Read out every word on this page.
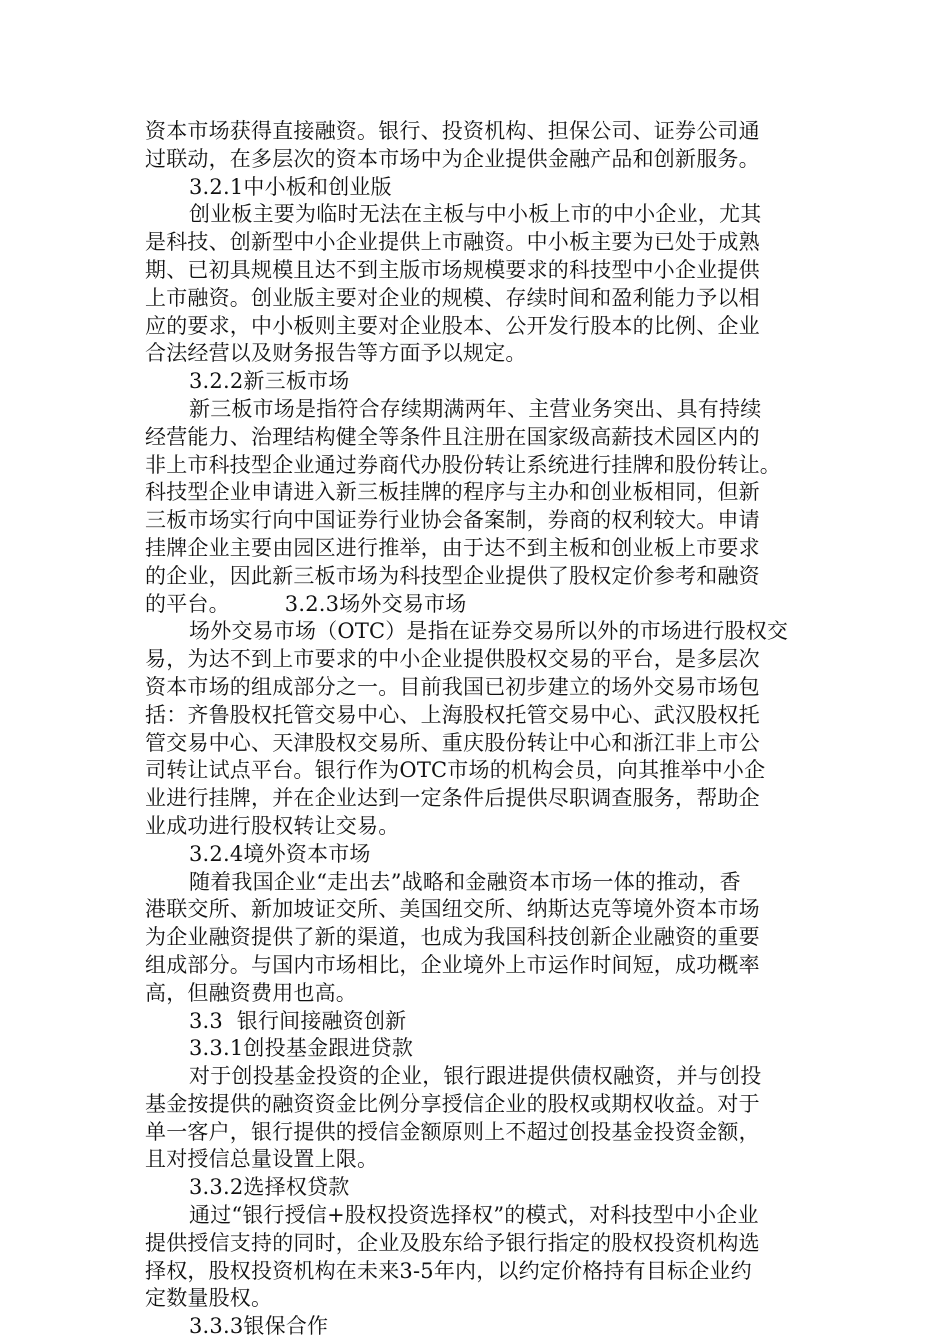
资本市场获得直接融资。银行、投资机构、担保公司、证券公司通
过联动，在多层次的资本市场中为企业提供金融产品和创新服务。
3.2.1中小板和创业版
创业板主要为临时无法在主板与中小板上市的中小企业，尤其
是科技、创新型中小企业提供上市融资。中小板主要为已处于成熟
期、已初具规模且达不到主版市场规模要求的科技型中小企业提供
上市融资。创业版主要对企业的规模、存续时间和盈利能力予以相
应的要求，中小板则主要对企业股本、公开发行股本的比例、企业
合法经营以及财务报告等方面予以规定。
3.2.2新三板市场
新三板市场是指符合存续期满两年、主营业务突出、具有持续
经营能力、治理结构健全等条件且注册在国家级高薪技术园区内的
非上市科技型企业通过券商代办股份转让系统进行挂牌和股份转让。
科技型企业申请进入新三板挂牌的程序与主办和创业板相同，但新
三板市场实行向中国证券行业协会备案制，券商的权利较大。申请
挂牌企业主要由园区进行推举，由于达不到主板和创业板上市要求
的企业，因此新三板市场为科技型企业提供了股权定价参考和融资
的平台。        3.2.3场外交易市场
场外交易市场（OTC）是指在证券交易所以外的市场进行股权交
易，为达不到上市要求的中小企业提供股权交易的平台，是多层次
资本市场的组成部分之一。目前我国已初步建立的场外交易市场包
括：齐鲁股权托管交易中心、上海股权托管交易中心、武汉股权托
管交易中心、天津股权交易所、重庆股份转让中心和浙江非上市公
司转让试点平台。银行作为OTC市场的机构会员，向其推举中小企
业进行挂牌，并在企业达到一定条件后提供尽职调查服务，帮助企
业成功进行股权转让交易。
3.2.4境外资本市场
随着我国企业“走出去”战略和金融资本市场一体的推动，香
港联交所、新加坡证交所、美国纽交所、纳斯达克等境外资本市场
为企业融资提供了新的渠道，也成为我国科技创新企业融资的重要
组成部分。与国内市场相比，企业境外上市运作时间短，成功概率
高，但融资费用也高。
3.3  银行间接融资创新
3.3.1创投基金跟进贷款
对于创投基金投资的企业，银行跟进提供债权融资，并与创投
基金按提供的融资资金比例分享授信企业的股权或期权收益。对于
单一客户，银行提供的授信金额原则上不超过创投基金投资金额，
且对授信总量设置上限。
3.3.2选择权贷款
通过“银行授信+股权投资选择权”的模式，对科技型中小企业
提供授信支持的同时，企业及股东给予银行指定的股权投资机构选
择权，股权投资机构在未来3-5年内，以约定价格持有目标企业约
定数量股权。
3.3.3银保合作
